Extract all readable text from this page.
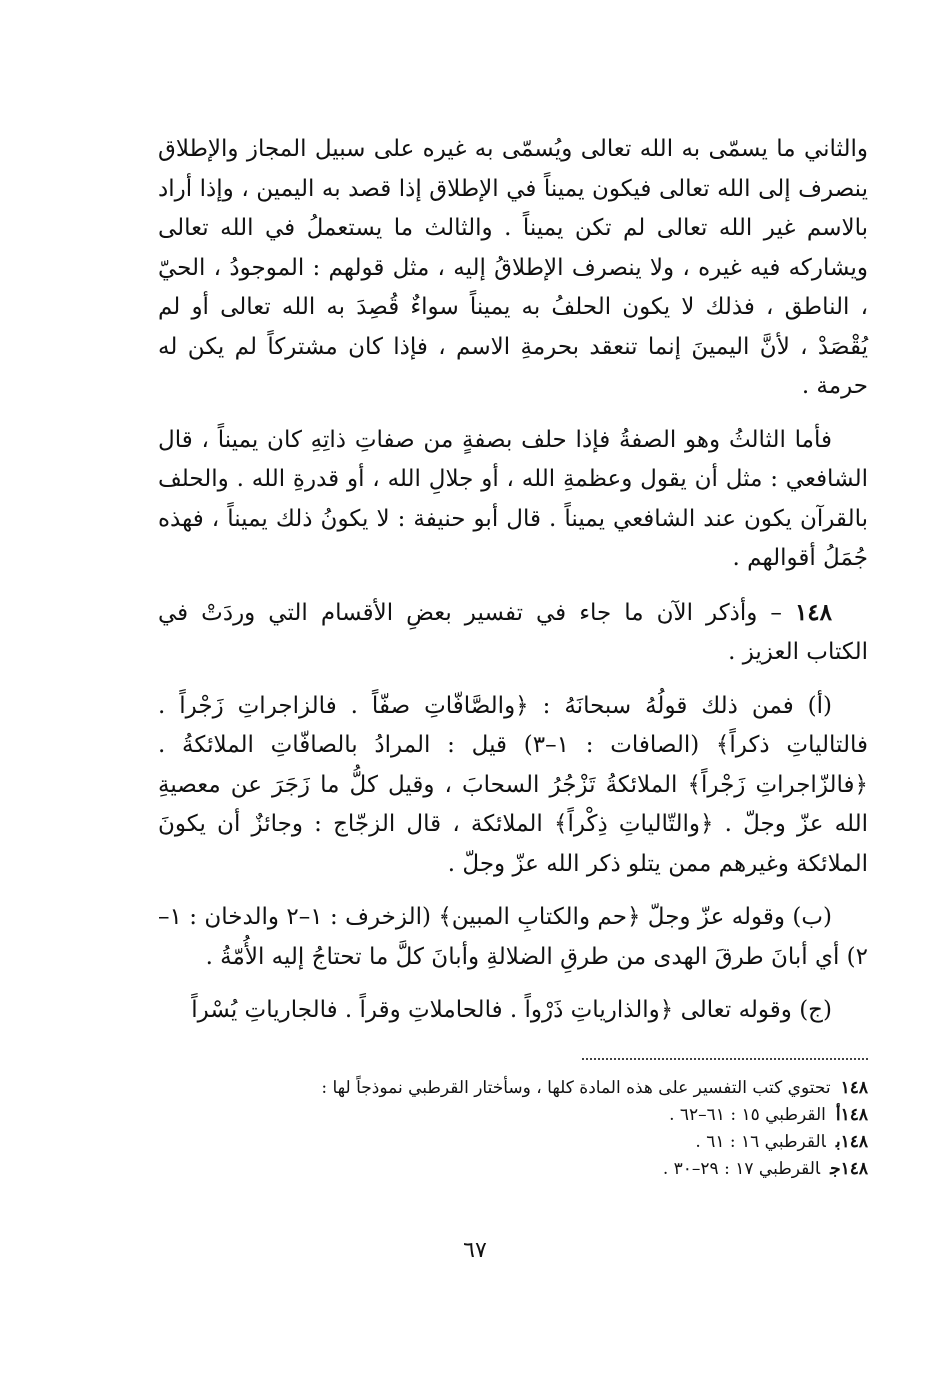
والثاني ما يسمّى به الله تعالى ويُسمّى به غيره على سبيل المجاز والإطلاق ينصرف إلى الله تعالى فيكون يميناً في الإطلاق إذا قصد به اليمين ، وإذا أراد بالاسم غير الله تعالى لم تكن يميناً . والثالث ما يستعملُ في الله تعالى ويشاركه فيه غيره ، ولا ينصرف الإطلاقُ إليه ، مثل قولهم : الموجودُ ، الحيّ ، الناطق ، فذلك لا يكون الحلفُ به يميناً سواءٌ قُصِدَ به الله تعالى أو لم يُقْصَدْ ، لأنَّ اليمينَ إنما تنعقد بحرمةِ الاسم ، فإذا كان مشتركاً لم يكن له حرمة .

فأما الثالثُ وهو الصفةُ فإذا حلف بصفةٍ من صفاتِ ذاتِهِ كان يميناً ، قال الشافعي : مثل أن يقول وعظمةِ الله ، أو جلالِ الله ، أو قدرةِ الله . والحلف بالقرآن يكون عند الشافعي يميناً . قال أبو حنيفة : لا يكونُ ذلك يميناً ، فهذه جُمَلُ أقوالهم .

١٤٨ – وأذكر الآن ما جاء في تفسير بعضِ الأقسام التي وردَتْ في الكتاب العزيز .

(أ) فمن ذلك قولُهُ سبحانَهُ : ﴿والصَّافّاتِ صفّاً . فالزاجراتِ زَجْراً . فالتالياتِ ذكراً﴾ (الصافات : ١–٣) قيل : المرادُ بالصافّاتِ الملائكةُ . ﴿فالزّاجراتِ زَجْراً﴾ الملائكةُ تَزْجُرُ السحابَ ، وقيل كلُّ ما زَجَرَ عن معصيةِ الله عزّ وجلّ . ﴿والتّالياتِ ذِكْراً﴾ الملائكة ، قال الزجّاج : وجائزٌ أن يكونَ الملائكة وغيرهم ممن يتلو ذكر الله عزّ وجلّ .

(ب) وقوله عزّ وجلّ ﴿حم والكتابِ المبين﴾ (الزخرف : ١–٢ والدخان : ١–٢) أي أبانَ طرقَ الهدى من طرقِ الضلالةِ وأبانَ كلَّ ما تحتاجُ إليه الأُمّةُ .

(ج) وقوله تعالى ﴿والذارياتِ ذَرْواً . فالحاملاتِ وقراً . فالجارياتِ يُسْراً

١٤٨تحتوي كتب التفسير على هذه المادة كلها ، وسأختار القرطبي نموذجاً لها :

١٤٨أالقرطبي ١٥ : ٦١–٦٢ .

١٤٨بالقرطبي ١٦ : ٦١ .

١٤٨جالقرطبي ١٧ : ٢٩–٣٠ .

٦٧
